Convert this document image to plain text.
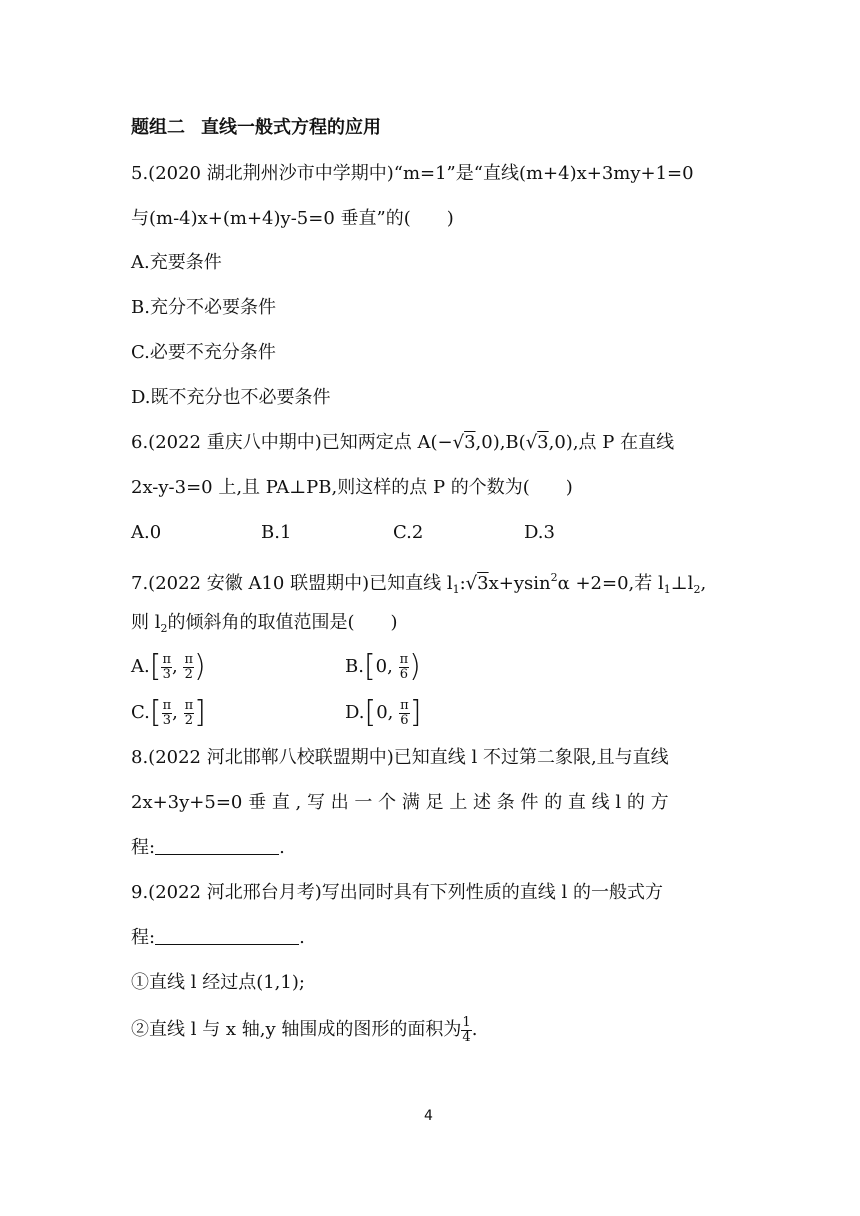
题组二 直线一般式方程的应用
5.(2020 湖北荆州沙市中学期中)“m=1”是“直线(m+4)x+3my+1=0
与(m-4)x+(m+4)y-5=0 垂直”的(　　)
A.充要条件
B.充分不必要条件
C.必要不充分条件
D.既不充分也不必要条件
6.(2022 重庆八中期中)已知两定点 A(−√3,0),B(√3,0),点 P 在直线
2x-y-3=0 上,且 PA⊥PB,则这样的点 P 的个数为(　　)
A.0	B.1	C.2	D.3
7.(2022 安徽 A10 联盟期中)已知直线 $l_1:√3x+ysin^2\alpha +2=0$,若 $l_1\perp l_2$,
则 $l_2$的倾斜角的取值范围是(　　)
$A.[ \frac{\pi}{3}$ , $\frac{\pi}{2}$ )	B.[0, $\frac{\pi}{6}$ )
$C.[ \frac{\pi}{3}$ , $\frac{\pi}{2}$ ]	D.[0, $\frac{\pi}{6}$ ]
8.(2022 河北邯郸八校联盟期中)已知直线 l 不过第二象限,且与直线
2x+3y+5=0 垂 直 , 写 出 一 个 满 足 上 述 条 件 的 直 线 l 的 方
程:	.
9.(2022 河北邢台月考)写出同时具有下列性质的直线 l 的一般式方
程:	.
①直线 l 经过点(1,1);
②直线 l 与 x 轴,y 轴围成的图形的面积为 $\frac{1}{4}$ .
4
